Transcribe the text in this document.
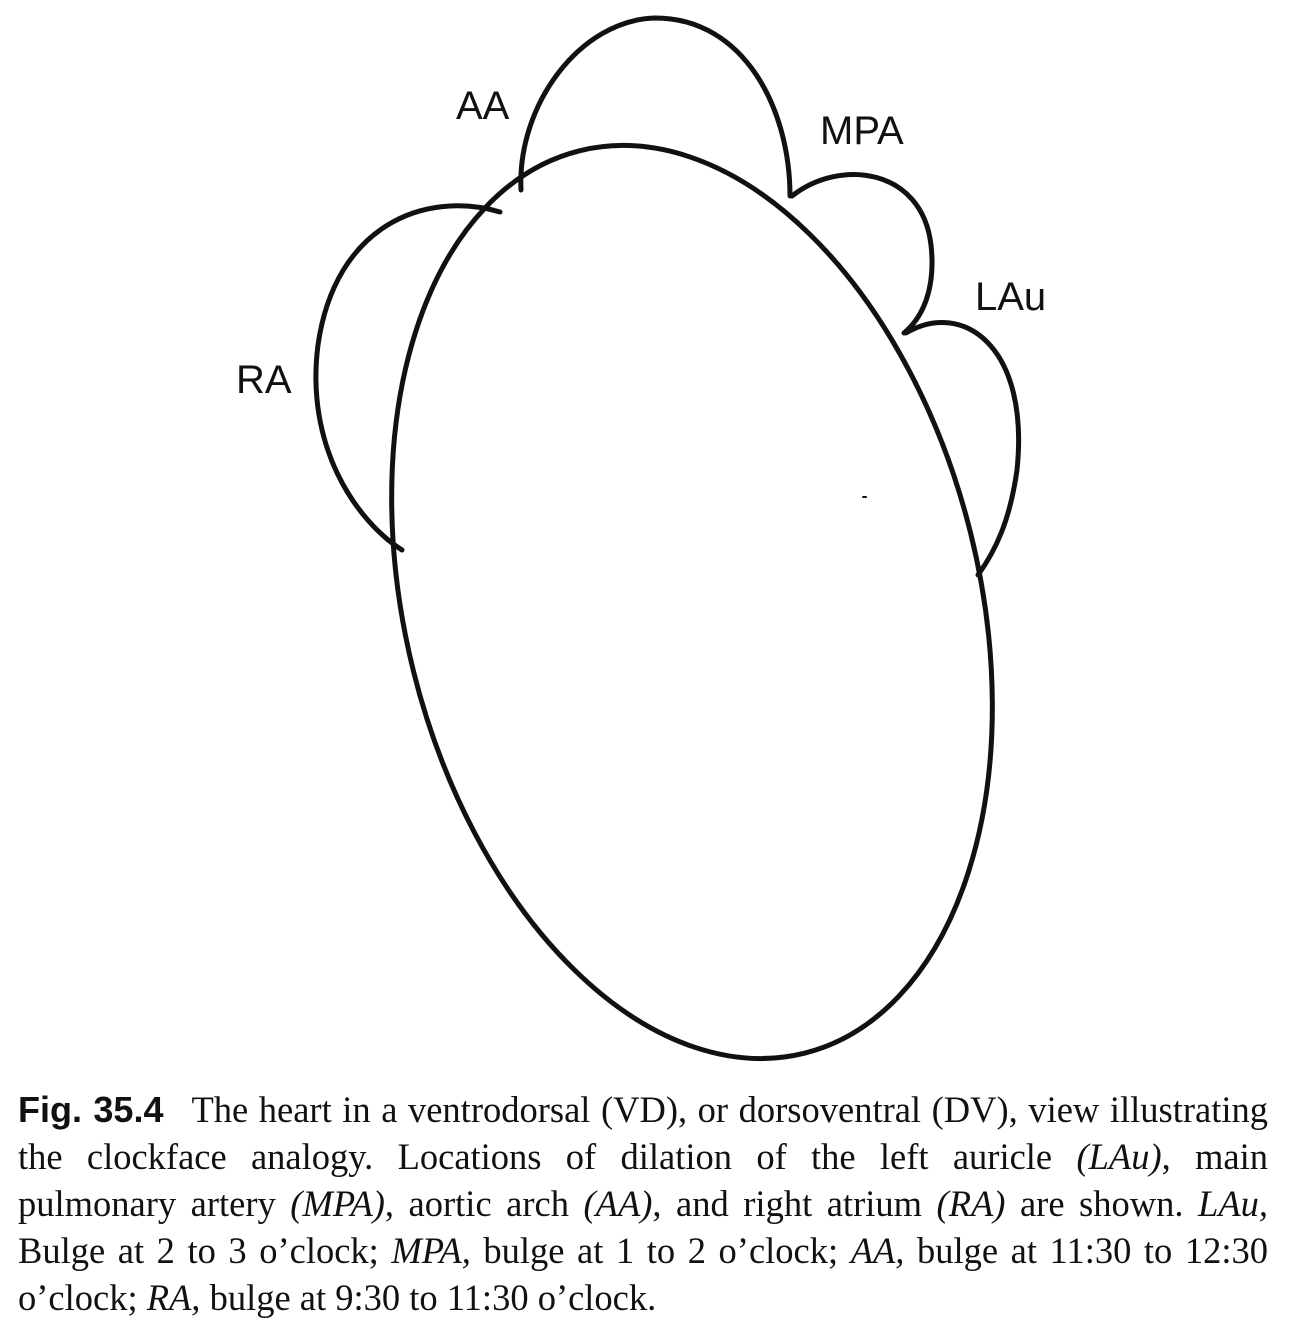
AA
MPA
LAu
RA
Fig. 35.4 The heart in a ventrodorsal (VD), or dorsoventral (DV), view illustrating the clockface analogy. Locations of dilation of the left auricle (LAu), main pulmonary artery (MPA), aortic arch (AA), and right atrium (RA) are shown. LAu, Bulge at 2 to 3 o’clock; MPA, bulge at 1 to 2 o’clock; AA, bulge at 11:30 to 12:30 o’clock; RA, bulge at 9:30 to 11:30 o’clock.
